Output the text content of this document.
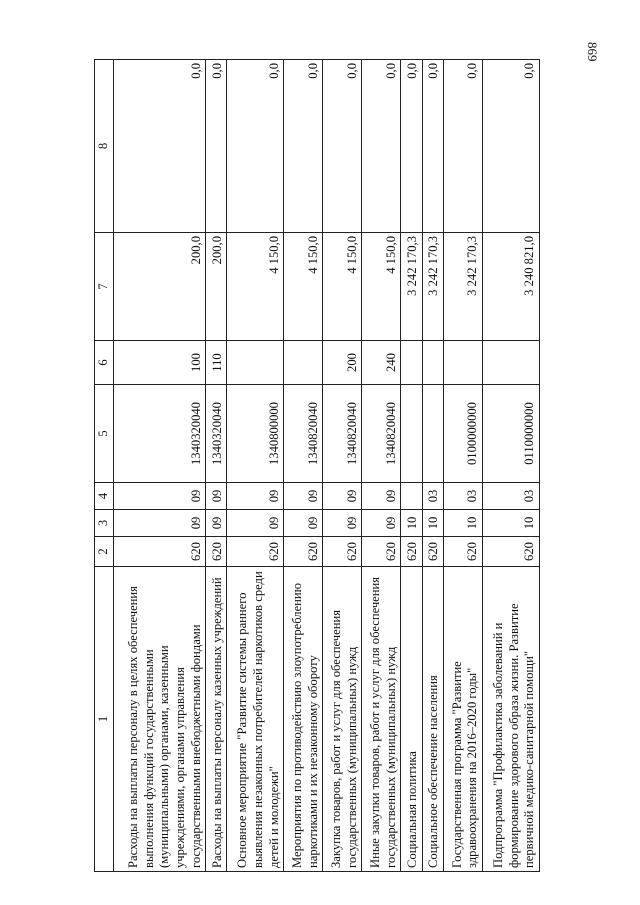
869
1	2	3	4	5	6	7	8
Расходы на выплаты персоналу в целях обеспечения выполнения функций государственными (муниципальными) органами, казенными учреждениями, органами управления государственными внебюджетными фондами	620	09	09	1340320040	100	200,0	0,0
Расходы на выплаты персоналу казенных учреждений	620	09	09	1340320040	110	200,0	0,0
Основное мероприятие "Развитие системы раннего выявления незаконных потребителей наркотиков среди детей и молодежи"	620	09	09	1340800000		4 150,0	0,0
Мероприятия по противодействию злоупотреблению наркотиками и их незаконному обороту	620	09	09	1340820040		4 150,0	0,0
Закупка товаров, работ и услуг для обеспечения государственных (муниципальных) нужд	620	09	09	1340820040	200	4 150,0	0,0
Иные закупки товаров, работ и услуг для обеспечения государственных (муниципальных) нужд	620	09	09	1340820040	240	4 150,0	0,0
Социальная политика	620	10				3 242 170,3	0,0
Социальное обеспечение населения	620	10	03			3 242 170,3	0,0
Государственная программа "Развитие здравоохранения на 2016–2020 годы"	620	10	03	0100000000		3 242 170,3	0,0
Подпрограмма "Профилактика заболеваний и формирование здорового образа жизни. Развитие первичной медико-санитарной помощи"	620	10	03	0110000000		3 240 821,0	0,0
